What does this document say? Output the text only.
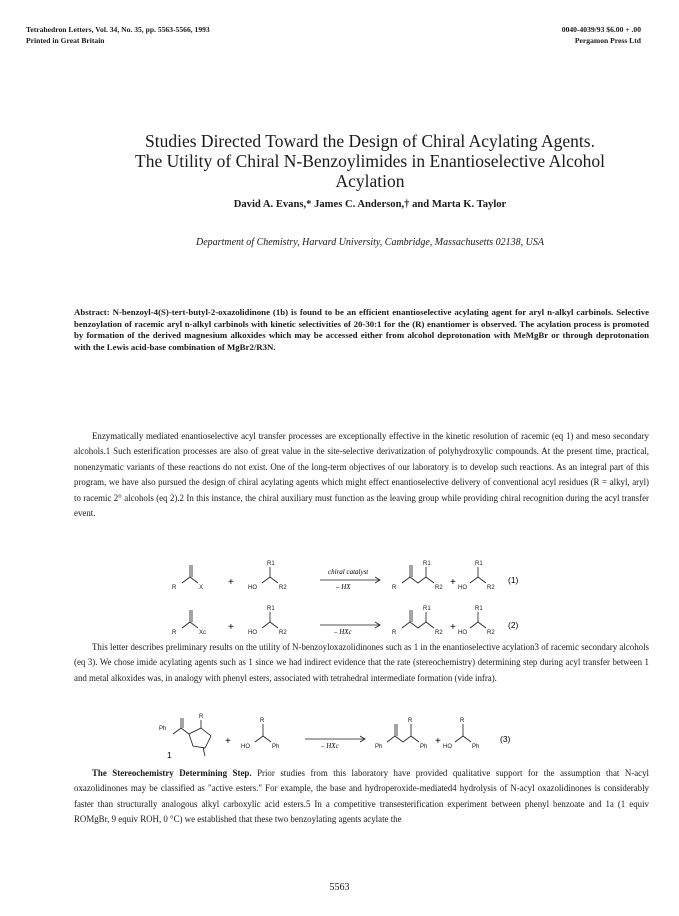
Tetrahedron Letters, Vol. 34, No. 35, pp. 5563-5566, 1993
Printed in Great Britain
0040-4039/93 $6.00 + .00
Pergamon Press Ltd
Studies Directed Toward the Design of Chiral Acylating Agents.
The Utility of Chiral N-Benzoylimides in Enantioselective Alcohol
Acylation
David A. Evans,* James C. Anderson,† and Marta K. Taylor
Department of Chemistry, Harvard University, Cambridge, Massachusetts 02138, USA
Abstract: N-benzoyl-4(S)-tert-butyl-2-oxazolidinone (1b) is found to be an efficient enantioselective acylating agent for aryl n-alkyl carbinols. Selective benzoylation of racemic aryl n-alkyl carbinols with kinetic selectivities of 20-30:1 for the (R) enantiomer is observed. The acylation process is promoted by formation of the derived magnesium alkoxides which may be accessed either from alcohol deprotonation with MeMgBr or through deprotonation with the Lewis acid-base combination of MgBr2/R3N.

Enzymatically mediated enantioselective acyl transfer processes are exceptionally effective in the kinetic resolution of racemic (eq 1) and meso secondary alcohols.1 Such esterification processes are also of great value in the site-selective derivatization of polyhydroxylic compounds. At the present time, practical, nonenzymatic variants of these reactions do not exist. One of the long-term objectives of our laboratory is to develop such reactions. As an integral part of this program, we have also pursued the design of chiral acylating agents which might effect enantioselective delivery of conventional acyl residues (R = alkyl, aryl) to racemic 2° alcohols (eq 2).2 In this instance, the chiral auxiliary must function as the leaving group while providing chiral recognition during the acyl transfer event.

R	X + HO
R1
R2
chiral catalyst
– HX	R
R1
R2 + HO
R1
R2
(1)
R	Xc + HO
R1
R2	– HXc	R
R1
R2 + HO
R1
R2
(2)

This letter describes preliminary results on the utility of N-benzoyloxazolidinones such as 1 in the enantioselective acylation3 of racemic secondary alcohols (eq 3). We chose imide acylating agents such as 1 since we had indirect evidence that the rate (stereochemistry) determining step during acyl transfer between 1 and metal alkoxides was, in analogy with phenyl esters, associated with tetrahedral intermediate formation (vide infra).

Ph
R
1
+ HO
R
Ph	– HXc	Ph
R
Ph + HO
R
Ph
(3)

The Stereochemistry Determining Step. Prior studies from this laboratory have provided qualitative support for the assumption that N-acyl oxazolidinones may be classified as "active esters." For example, the base and hydroperoxide-mediated4 hydrolysis of N-acyl oxazolidinones is considerably faster than structurally analogous alkyl carboxylic acid esters.5 In a competitive transesterification experiment between phenyl benzoate and 1a (1 equiv ROMgBr, 9 equiv ROH, 0 °C) we established that these two benzoylating agents acylate the

5563
